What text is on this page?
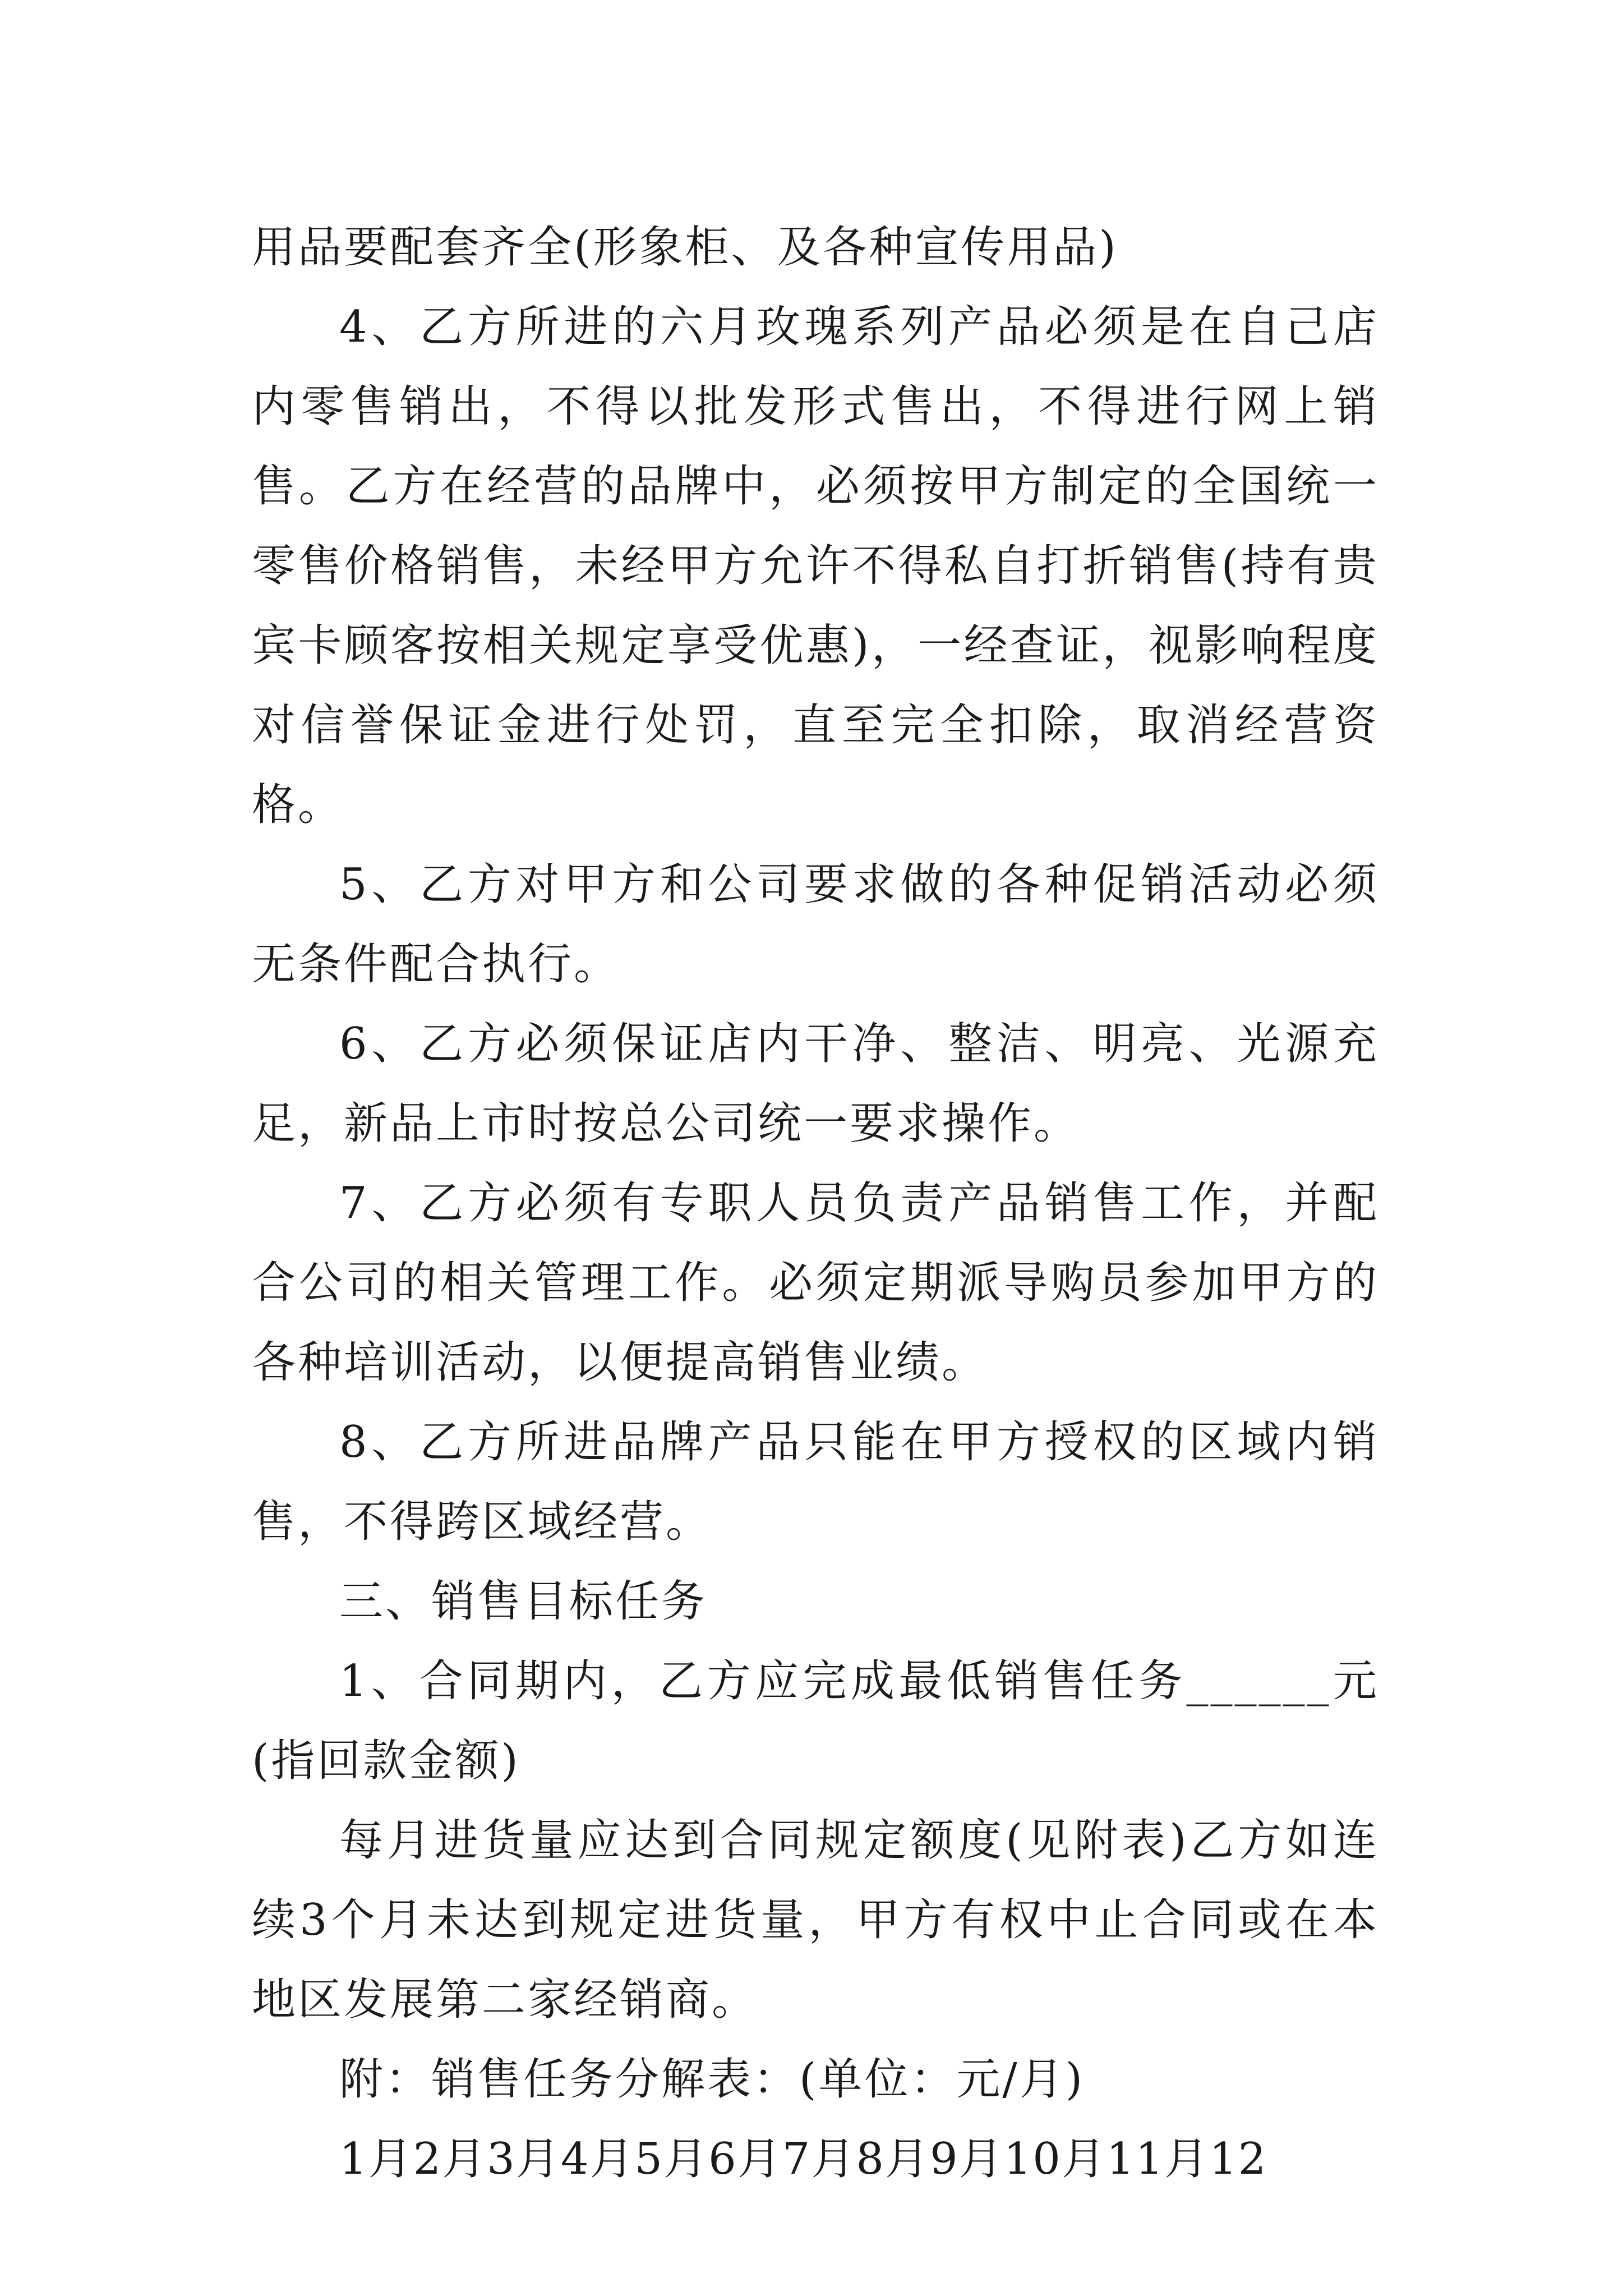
用品要配套齐全(形象柜、及各种宣传用品)

4、乙方所进的六月玫瑰系列产品必须是在自己店内零售销出，不得以批发形式售出，不得进行网上销售。乙方在经营的品牌中，必须按甲方制定的全国统一零售价格销售，未经甲方允许不得私自打折销售(持有贵宾卡顾客按相关规定享受优惠)，一经查证，视影响程度对信誉保证金进行处罚，直至完全扣除，取消经营资格。

5、乙方对甲方和公司要求做的各种促销活动必须无条件配合执行。

6、乙方必须保证店内干净、整洁、明亮、光源充足，新品上市时按总公司统一要求操作。

7、乙方必须有专职人员负责产品销售工作，并配合公司的相关管理工作。必须定期派导购员参加甲方的各种培训活动，以便提高销售业绩。

8、乙方所进品牌产品只能在甲方授权的区域内销售，不得跨区域经营。

三、销售目标任务

1、合同期内，乙方应完成最低销售任务______元(指回款金额)

每月进货量应达到合同规定额度(见附表)乙方如连续3个月未达到规定进货量，甲方有权中止合同或在本地区发展第二家经销商。

附：销售任务分解表：(单位：元/月)

1月2月3月4月5月6月7月8月9月10月11月12
